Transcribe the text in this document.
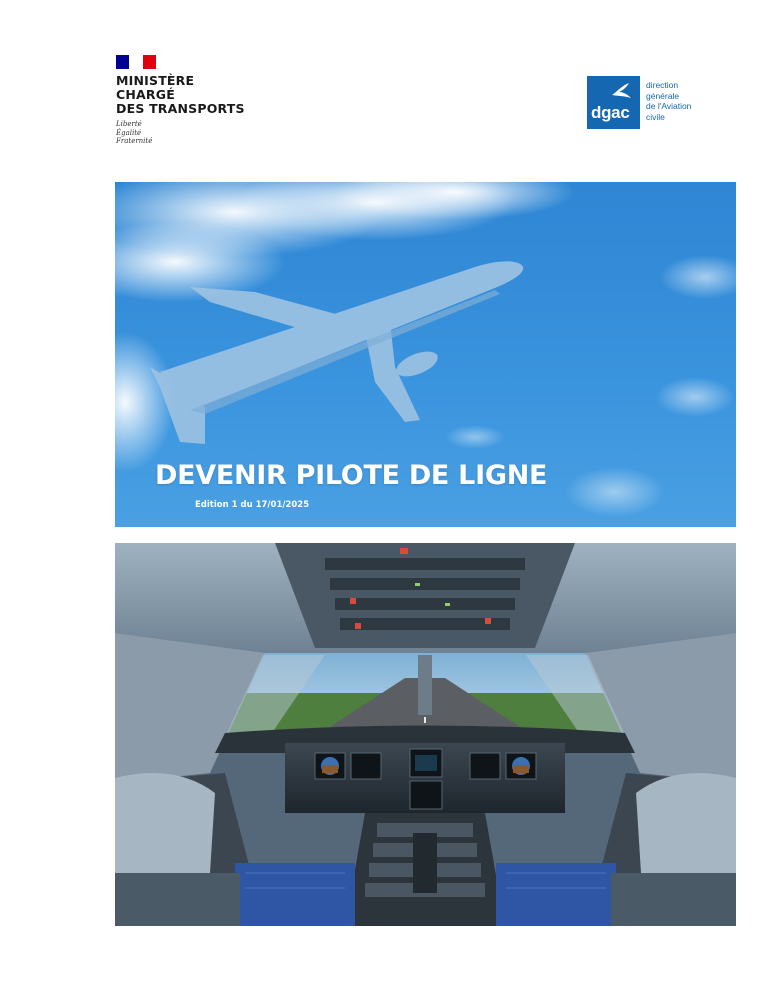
MINISTÈRE
CHARGÉ
DES TRANSPORTS
Liberté
Égalité
Fraternité
dgac
direction
générale
de l'Aviation
civile
DEVENIR PILOTE DE LIGNE
Edition 1 du 17/01/2025
